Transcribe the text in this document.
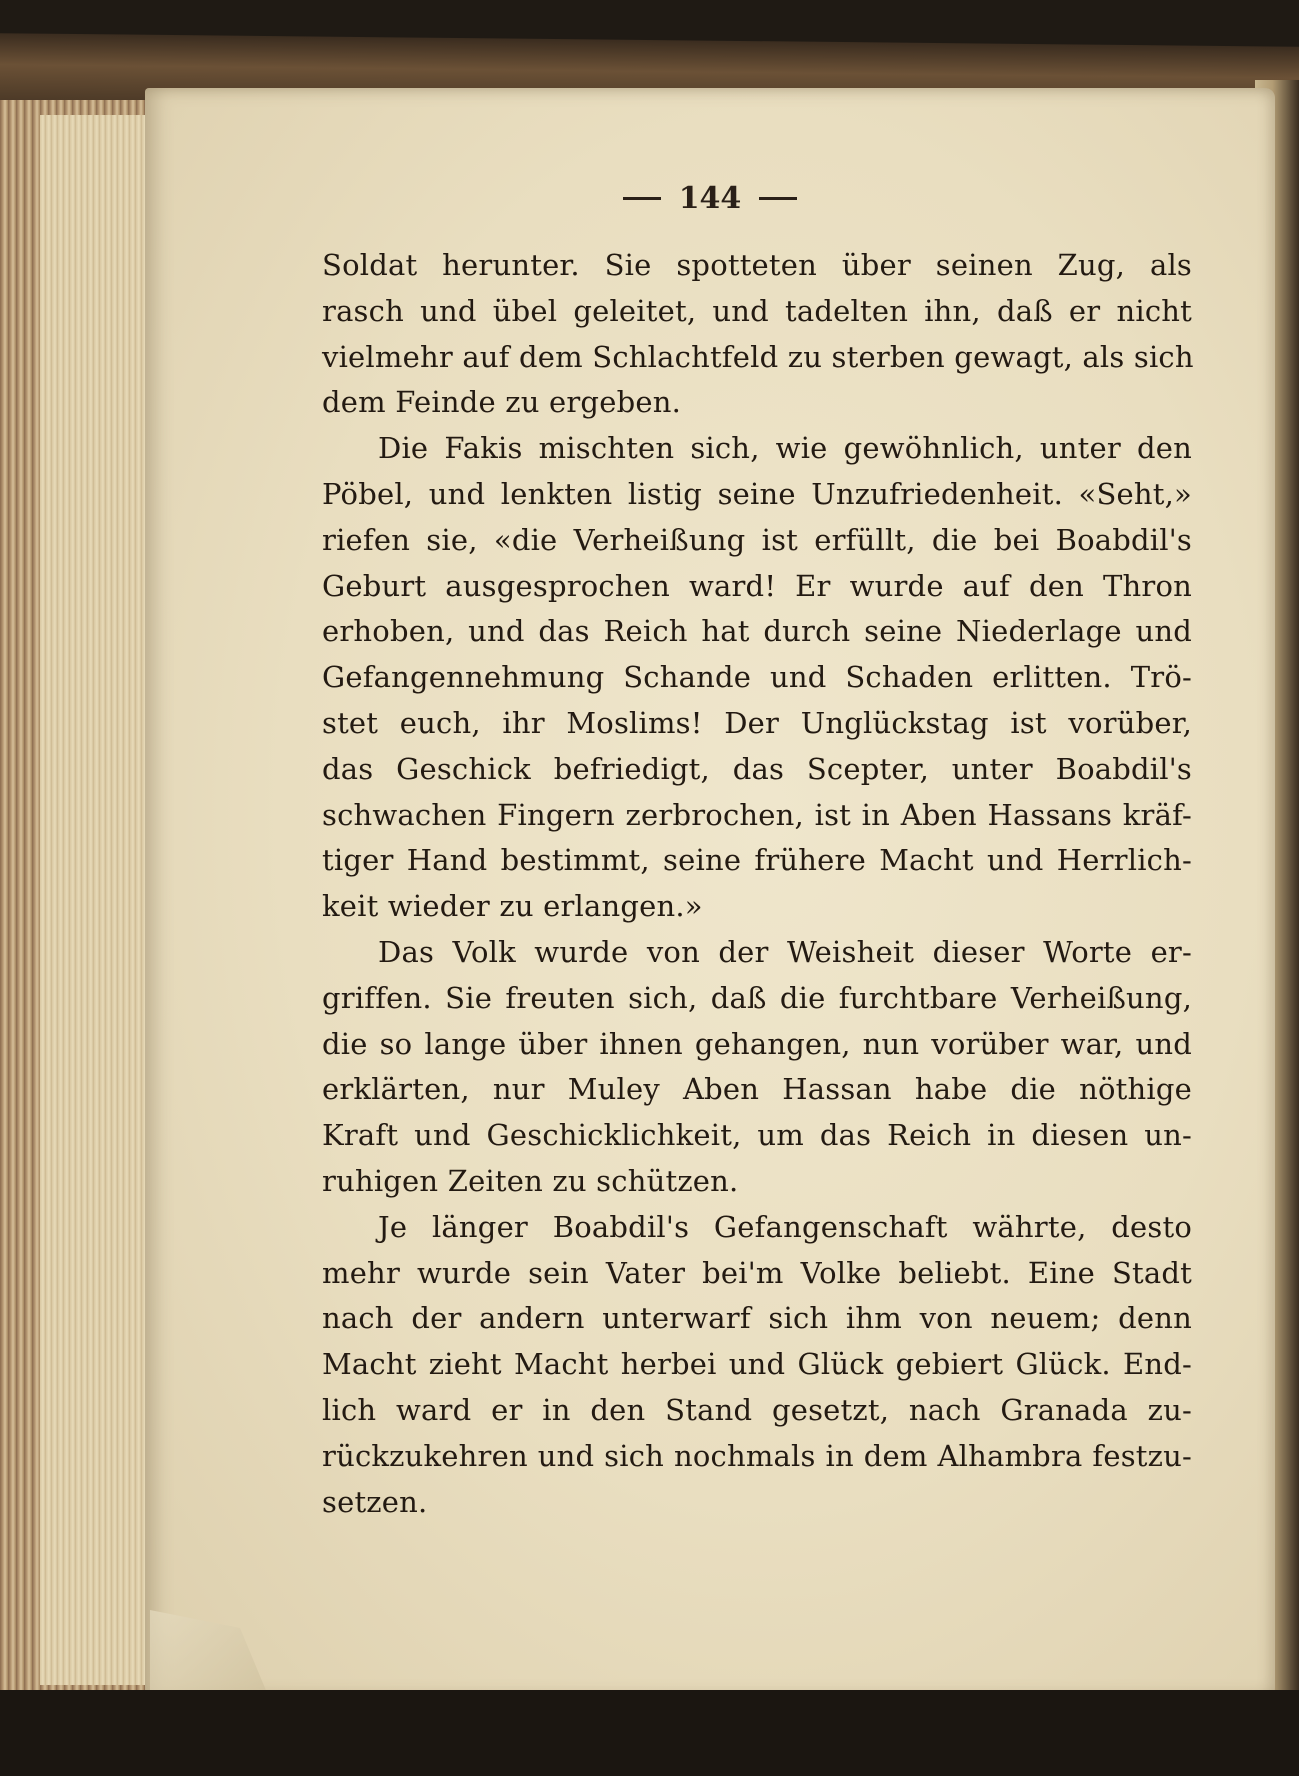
144
Soldat herunter. Sie spotteten über seinen Zug, als
rasch und übel geleitet, und tadelten ihn, daß er nicht
vielmehr auf dem Schlachtfeld zu sterben gewagt, als sich
dem Feinde zu ergeben.
Die Fakis mischten sich, wie gewöhnlich, unter den
Pöbel, und lenkten listig seine Unzufriedenheit. «Seht,»
riefen sie, «die Verheißung ist erfüllt, die bei Boabdil's
Geburt ausgesprochen ward! Er wurde auf den Thron
erhoben, und das Reich hat durch seine Niederlage und
Gefangennehmung Schande und Schaden erlitten. Trö-
stet euch, ihr Moslims! Der Unglückstag ist vorüber,
das Geschick befriedigt, das Scepter, unter Boabdil's
schwachen Fingern zerbrochen, ist in Aben Hassans kräf-
tiger Hand bestimmt, seine frühere Macht und Herrlich-
keit wieder zu erlangen.»
Das Volk wurde von der Weisheit dieser Worte er-
griffen. Sie freuten sich, daß die furchtbare Verheißung,
die so lange über ihnen gehangen, nun vorüber war, und
erklärten, nur Muley Aben Hassan habe die nöthige
Kraft und Geschicklichkeit, um das Reich in diesen un-
ruhigen Zeiten zu schützen.
Je länger Boabdil's Gefangenschaft währte, desto
mehr wurde sein Vater bei'm Volke beliebt. Eine Stadt
nach der andern unterwarf sich ihm von neuem; denn
Macht zieht Macht herbei und Glück gebiert Glück. End-
lich ward er in den Stand gesetzt, nach Granada zu-
rückzukehren und sich nochmals in dem Alhambra festzu-
setzen.
